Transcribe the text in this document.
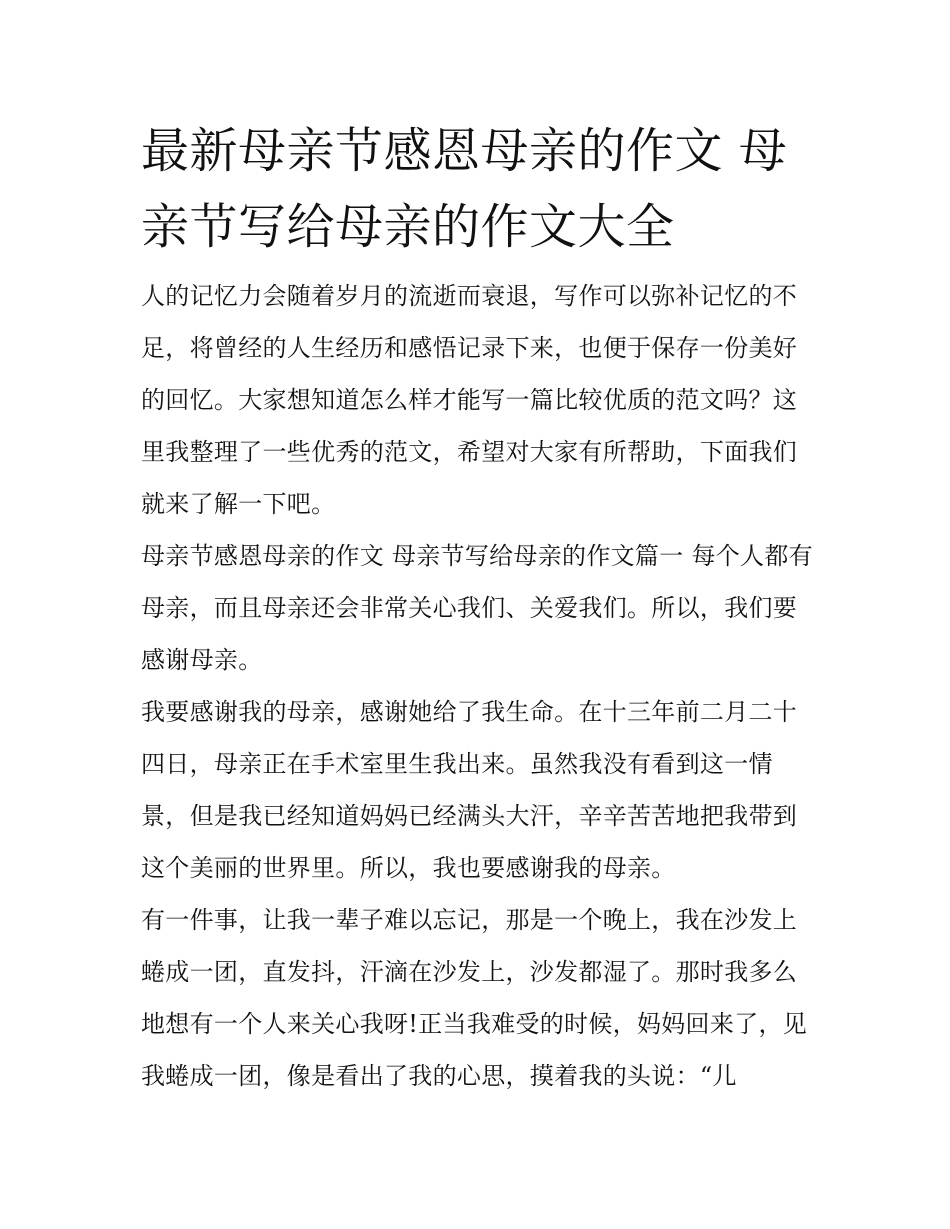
最新母亲节感恩母亲的作文 母亲节写给母亲的作文大全

人的记忆力会随着岁月的流逝而衰退，写作可以弥补记忆的不足，将曾经的人生经历和感悟记录下来，也便于保存一份美好的回忆。大家想知道怎么样才能写一篇比较优质的范文吗？这里我整理了一些优秀的范文，希望对大家有所帮助，下面我们就来了解一下吧。

母亲节感恩母亲的作文 母亲节写给母亲的作文篇一 每个人都有母亲，而且母亲还会非常关心我们、关爱我们。所以，我们要感谢母亲。

我要感谢我的母亲，感谢她给了我生命。在十三年前二月二十四日，母亲正在手术室里生我出来。虽然我没有看到这一情景，但是我已经知道妈妈已经满头大汗，辛辛苦苦地把我带到这个美丽的世界里。所以，我也要感谢我的母亲。

有一件事，让我一辈子难以忘记，那是一个晚上，我在沙发上蜷成一团，直发抖，汗滴在沙发上，沙发都湿了。那时我多么地想有一个人来关心我呀!正当我难受的时候，妈妈回来了，见我蜷成一团，像是看出了我的心思，摸着我的头说：“儿
